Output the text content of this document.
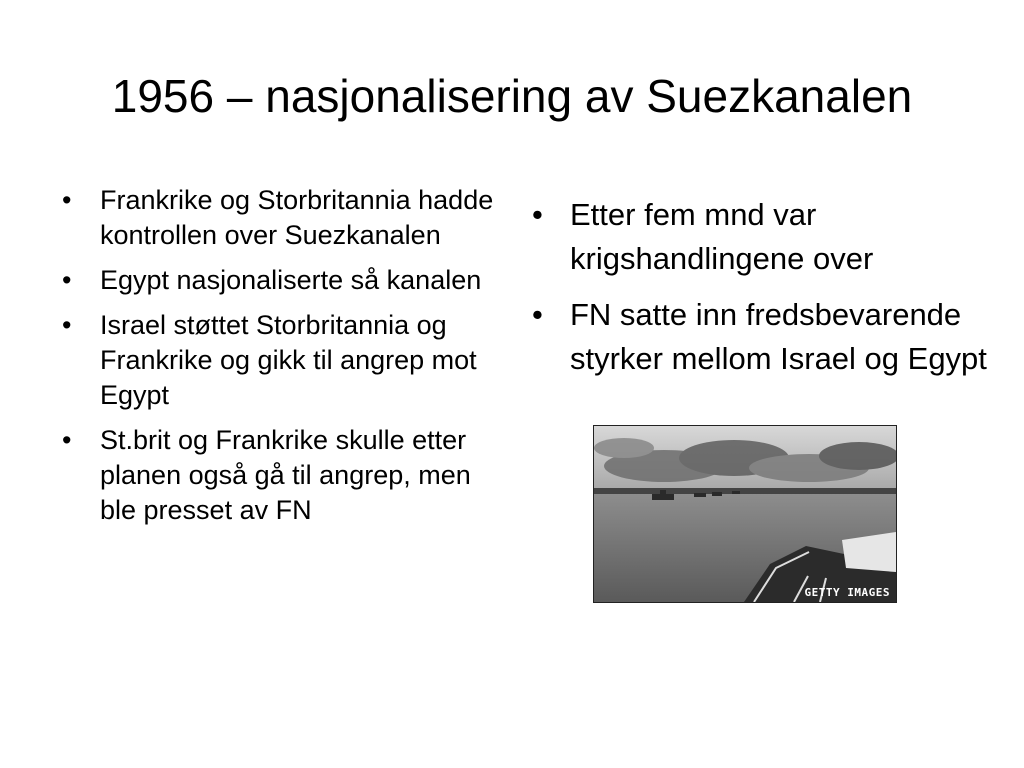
1956 – nasjonalisering av Suezkanalen
• Frankrike og Storbritannia hadde kontrollen over Suezkanalen
• Egypt nasjonaliserte så kanalen
• Israel støttet Storbritannia og Frankrike og gikk til angrep mot Egypt
• St.brit og Frankrike skulle etter planen også gå til angrep, men ble presset av FN
• Etter fem mnd var krigshandlingene over
• FN satte inn fredsbevarende styrker mellom Israel og Egypt
GETTY IMAGES
